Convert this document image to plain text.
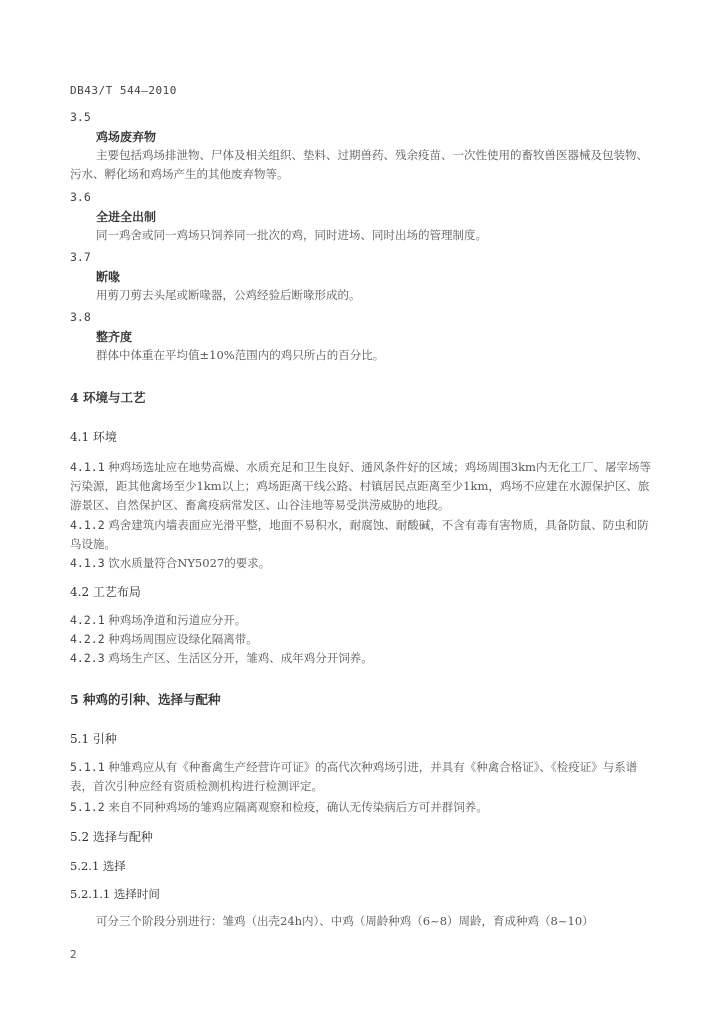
DB43/T 544—2010
3.5
鸡场废弃物
主要包括鸡场排泄物、尸体及相关组织、垫料、过期兽药、残余疫苗、一次性使用的畜牧兽医器械及包装物、污水、孵化场和鸡场产生的其他废弃物等。
3.6
全进全出制
同一鸡舍或同一鸡场只饲养同一批次的鸡，同时进场、同时出场的管理制度。
3.7
断喙
用剪刀剪去头尾或断喙器，公鸡经验后断喙形成的。
3.8
整齐度
群体中体重在平均值±10%范围内的鸡只所占的百分比。
4 环境与工艺
4.1 环境
4.1.1 种鸡场选址应在地势高燥、水质充足和卫生良好、通风条件好的区域；鸡场周围3km内无化工厂、屠宰场等污染源，距其他禽场至少1km以上；鸡场距离干线公路、村镇居民点距离至少1km，鸡场不应建在水源保护区、旅游景区、自然保护区、畜禽疫病常发区、山谷洼地等易受洪涝威胁的地段。
4.1.2 鸡舍建筑内墙表面应光滑平整，地面不易积水，耐腐蚀、耐酸碱，不含有毒有害物质，具备防鼠、防虫和防鸟设施。
4.1.3 饮水质量符合NY5027的要求。
4.2 工艺布局
4.2.1 种鸡场净道和污道应分开。
4.2.2 种鸡场周围应设绿化隔离带。
4.2.3 鸡场生产区、生活区分开，雏鸡、成年鸡分开饲养。
5 种鸡的引种、选择与配种
5.1 引种
5.1.1 种雏鸡应从有《种畜禽生产经营许可证》的高代次种鸡场引进，并具有《种禽合格证》、《检疫证》与系谱表，首次引种应经有资质检测机构进行检测评定。
5.1.2 来自不同种鸡场的雏鸡应隔离观察和检疫，确认无传染病后方可并群饲养。
5.2 选择与配种
5.2.1 选择
5.2.1.1 选择时间
可分三个阶段分别进行：雏鸡（出壳24h内）、中鸡（周龄种鸡（6~8）周龄，育成种鸡（8~10）
2
